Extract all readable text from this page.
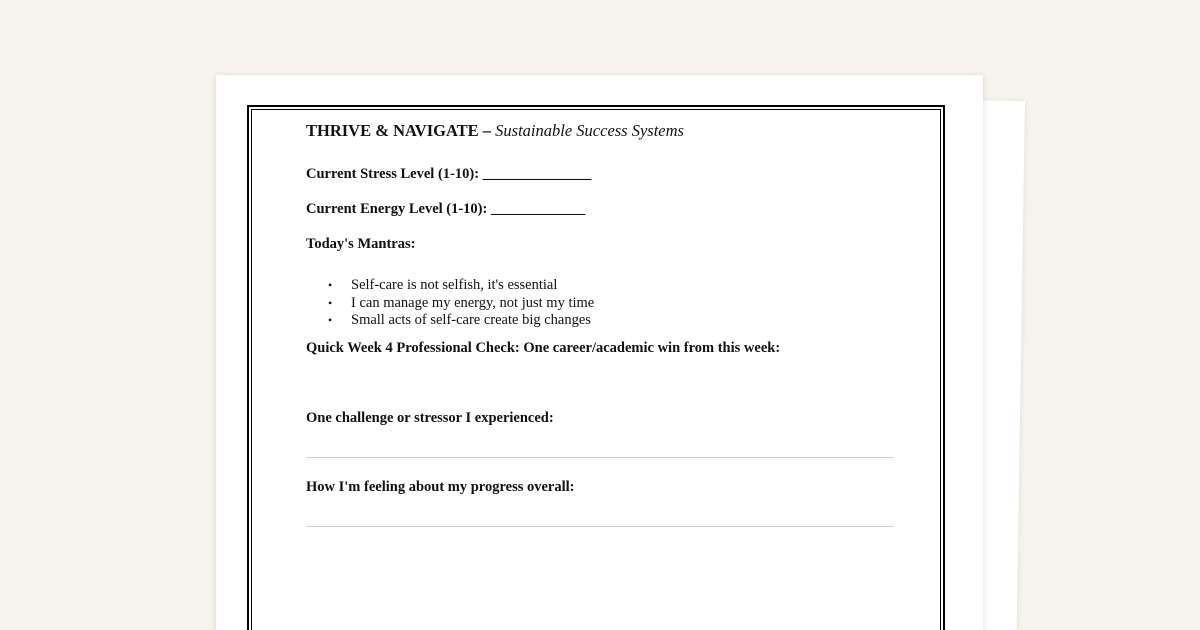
THRIVE & NAVIGATE – Sustainable Success Systems

Current Stress Level (1-10): _______________

Current Energy Level (1-10): _____________

Today's Mantras:

• Self-care is not selfish, it's essential
• I can manage my energy, not just my time
• Small acts of self-care create big changes

Quick Week 4 Professional Check: One career/academic win from this week:

One challenge or stressor I experienced:

How I'm feeling about my progress overall:
